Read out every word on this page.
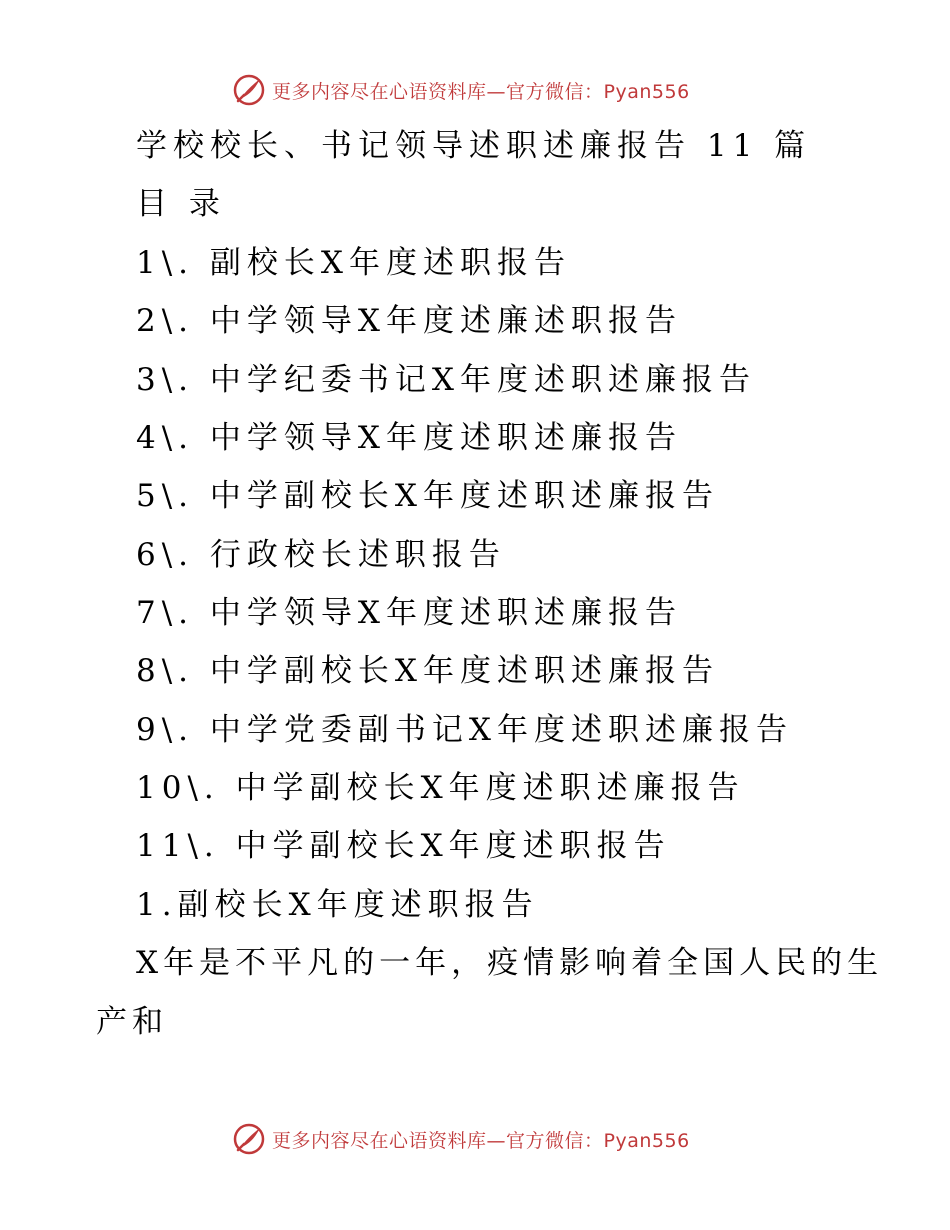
更多内容尽在心语资料库—官方微信：Pyan556
学校校长、书记领导述职述廉报告 11 篇
目 录
1\. 副校长X年度述职报告
2\. 中学领导X年度述廉述职报告
3\. 中学纪委书记X年度述职述廉报告
4\. 中学领导X年度述职述廉报告
5\. 中学副校长X年度述职述廉报告
6\. 行政校长述职报告
7\. 中学领导X年度述职述廉报告
8\. 中学副校长X年度述职述廉报告
9\. 中学党委副书记X年度述职述廉报告
10\. 中学副校长X年度述职述廉报告
11\. 中学副校长X年度述职报告
1.副校长X年度述职报告
X年是不平凡的一年，疫情影响着全国人民的生
产和
更多内容尽在心语资料库—官方微信：Pyan556
